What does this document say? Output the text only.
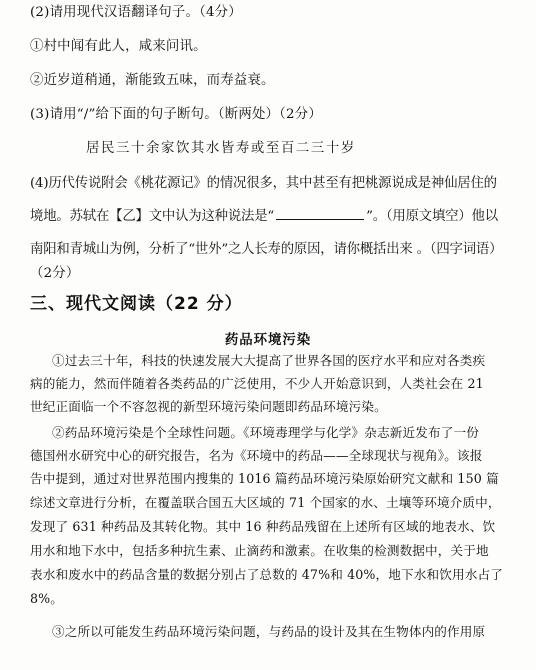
(2)请用现代汉语翻译句子。（4分）
①村中闻有此人，咸来问讯。
②近岁道稍通，渐能致五味，而寿益衰。
(3)请用“/”给下面的句子断句。（断两处）（2分）
居民三十余家饮其水皆寿或至百二三十岁
(4)历代传说附会《桃花源记》的情况很多，其中甚至有把桃源说成是神仙居住的
境地。苏轼在【乙】文中认为这种说法是“	”。（用原文填空）他以
南阳和青城山为例，分析了“世外”之人长寿的原因，请你概括出来 。（四字词语）
（2分）
三、现代文阅读（22 分）
药品环境污染
①过去三十年，科技的快速发展大大提高了世界各国的医疗水平和应对各类疾
病的能力，然而伴随着各类药品的广泛使用，不少人开始意识到，人类社会在 21
世纪正面临一个不容忽视的新型环境污染问题即药品环境污染。
②药品环境污染是个全球性问题。《环境毒理学与化学》杂志新近发布了一份
德国州水研究中心的研究报告，名为《环境中的药品——全球现状与视角》。该报
告中提到，通过对世界范围内搜集的 1016 篇药品环境污染原始研究文献和 150 篇
综述文章进行分析，在覆盖联合国五大区域的 71 个国家的水、土壤等环境介质中，
发现了 631 种药品及其转化物。其中 16 种药品残留在上述所有区域的地表水、饮
用水和地下水中，包括多种抗生素、止滴药和激素。在收集的检测数据中，关于地
表水和废水中的药品含量的数据分别占了总数的 47%和 40%，地下水和饮用水占了
8%。
③之所以可能发生药品环境污染问题，与药品的设计及其在生物体内的作用原
